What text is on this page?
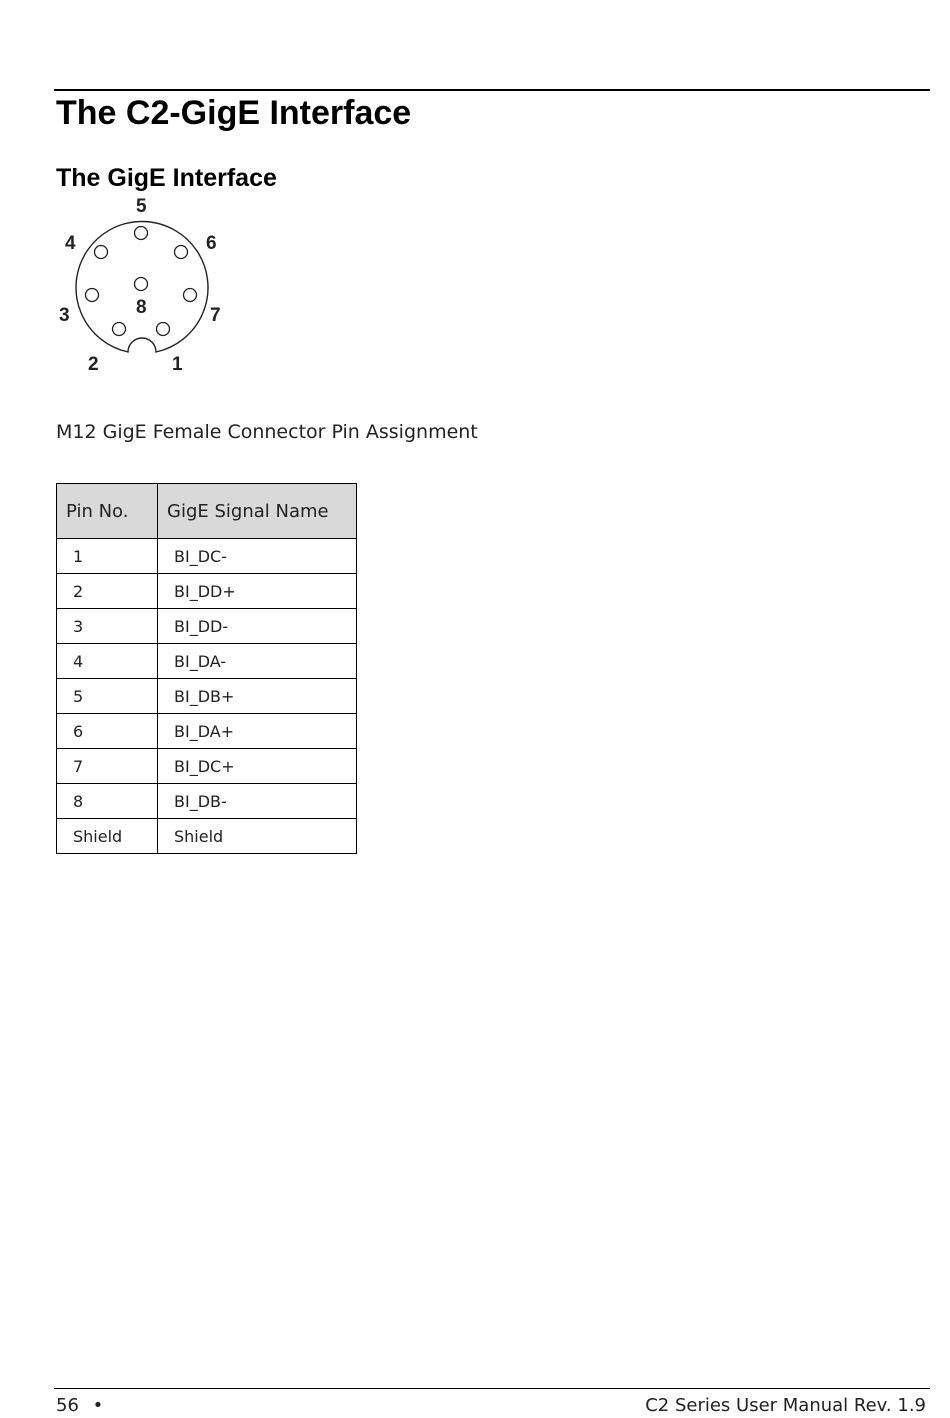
The C2-GigE Interface
The GigE Interface
5
4	6
8
3	7
2	1

M12 GigE Female Connector Pin Assignment

Pin No.	GigE Signal Name
1	BI_DC-
2	BI_DD+
3	BI_DD-
4	BI_DA-
5	BI_DB+
6	BI_DA+
7	BI_DC+
8	BI_DB-
Shield	Shield
56 •	C2 Series User Manual Rev. 1.9
